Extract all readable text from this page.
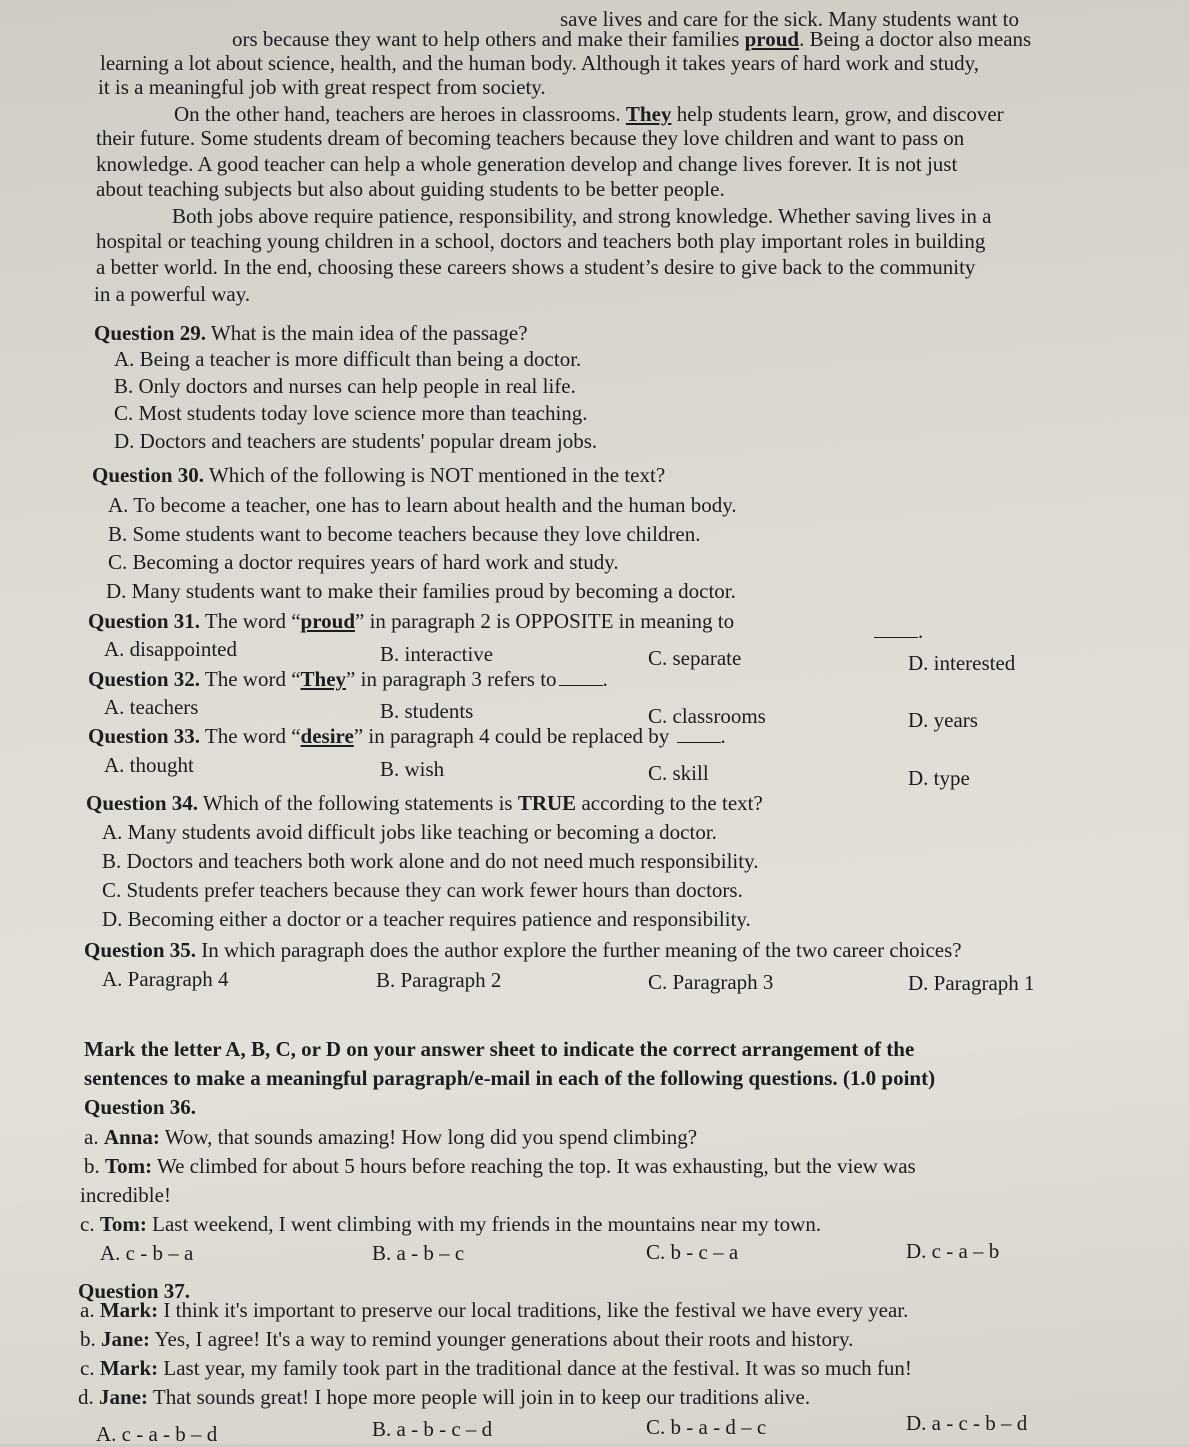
save lives and care for the sick. Many students want to
ors because they want to help others and make their families proud. Being a doctor also means
learning a lot about science, health, and the human body. Although it takes years of hard work and study,
it is a meaningful job with great respect from society.
On the other hand, teachers are heroes in classrooms. They help students learn, grow, and discover
their future. Some students dream of becoming teachers because they love children and want to pass on
knowledge. A good teacher can help a whole generation develop and change lives forever. It is not just
about teaching subjects but also about guiding students to be better people.
Both jobs above require patience, responsibility, and strong knowledge. Whether saving lives in a
hospital or teaching young children in a school, doctors and teachers both play important roles in building
a better world. In the end, choosing these careers shows a student’s desire to give back to the community
in a powerful way.
Question 29. What is the main idea of the passage?
A. Being a teacher is more difficult than being a doctor.
B. Only doctors and nurses can help people in real life.
C. Most students today love science more than teaching.
D. Doctors and teachers are students' popular dream jobs.
Question 30. Which of the following is NOT mentioned in the text?
A. To become a teacher, one has to learn about health and the human body.
B. Some students want to become teachers because they love children.
C. Becoming a doctor requires years of hard work and study.
D. Many students want to make their families proud by becoming a doctor.
Question 31. The word “proud” in paragraph 2 is OPPOSITE in meaning to	.
A. disappointed	B. interactive	C. separate	D. interested
Question 32. The word “They” in paragraph 3 refers to .
A. teachers	B. students	C. classrooms	D. years
Question 33. The word “desire” in paragraph 4 could be replaced by .
A. thought	B. wish	C. skill	D. type
Question 34. Which of the following statements is TRUE according to the text?
A. Many students avoid difficult jobs like teaching or becoming a doctor.
B. Doctors and teachers both work alone and do not need much responsibility.
C. Students prefer teachers because they can work fewer hours than doctors.
D. Becoming either a doctor or a teacher requires patience and responsibility.
Question 35. In which paragraph does the author explore the further meaning of the two career choices?
A. Paragraph 4	B. Paragraph 2	C. Paragraph 3	D. Paragraph 1
Mark the letter A, B, C, or D on your answer sheet to indicate the correct arrangement of the
sentences to make a meaningful paragraph/e-mail in each of the following questions. (1.0 point)
Question 36.
a. Anna: Wow, that sounds amazing! How long did you spend climbing?
b. Tom: We climbed for about 5 hours before reaching the top. It was exhausting, but the view was
incredible!
c. Tom: Last weekend, I went climbing with my friends in the mountains near my town.
A. c - b – a	B. a - b – c	C. b - c – a	D. c - a – b
Question 37.
a. Mark: I think it's important to preserve our local traditions, like the festival we have every year.
b. Jane: Yes, I agree! It's a way to remind younger generations about their roots and history.
c. Mark: Last year, my family took part in the traditional dance at the festival. It was so much fun!
d. Jane: That sounds great! I hope more people will join in to keep our traditions alive.
A. c - a - b – d	B. a - b - c – d	C. b - a - d – c	D. a - c - b – d
